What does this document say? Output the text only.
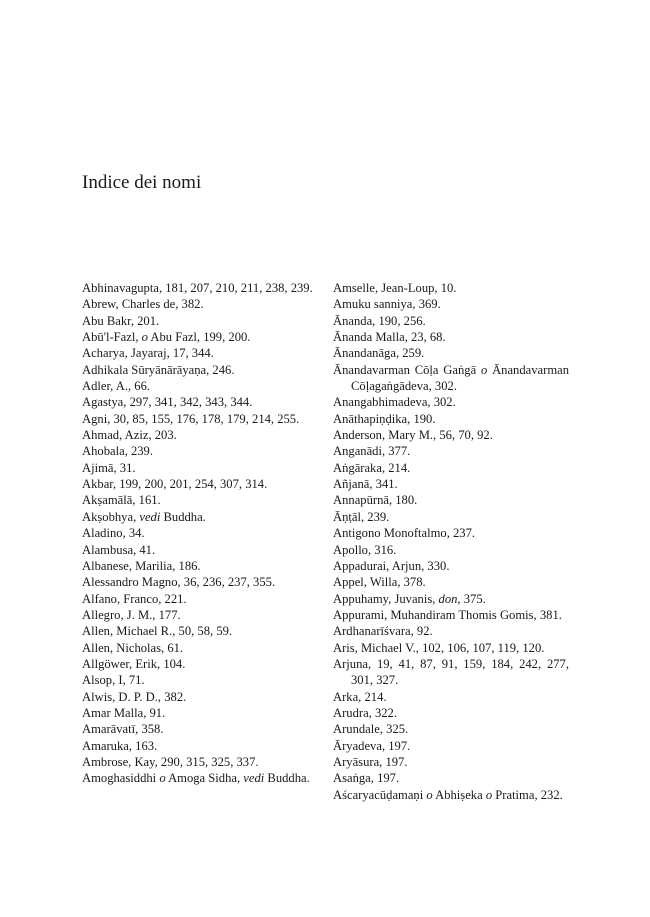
Indice dei nomi

Abhinavagupta, 181, 207, 210, 211, 238, 239.

Abrew, Charles de, 382.

Abu Bakr, 201.

Abū'l-Fazl, o Abu Fazl, 199, 200.

Acharya, Jayaraj, 17, 344.

Adhikala Sūryānārāyaṇa, 246.

Adler, A., 66.

Agastya, 297, 341, 342, 343, 344.

Agni, 30, 85, 155, 176, 178, 179, 214, 255.

Ahmad, Aziz, 203.

Ahobala, 239.

Ajimā, 31.

Akbar, 199, 200, 201, 254, 307, 314.

Akṣamālā, 161.

Akṣobhya, vedi Buddha.

Aladino, 34.

Alambusa, 41.

Albanese, Marilia, 186.

Alessandro Magno, 36, 236, 237, 355.

Alfano, Franco, 221.

Allegro, J. M., 177.

Allen, Michael R., 50, 58, 59.

Allen, Nicholas, 61.

Allgöwer, Erik, 104.

Alsop, I, 71.

Alwis, D. P. D., 382.

Amar Malla, 91.

Amarāvatī, 358.

Amaruka, 163.

Ambrose, Kay, 290, 315, 325, 337.

Amoghasiddhi o Amoga Sidha, vedi Buddha.

Amselle, Jean-Loup, 10.

Amuku sanniya, 369.

Ānanda, 190, 256.

Ānanda Malla, 23, 68.

Ānandanāga, 259.

Ānandavarman Cōḷa Gaṅgā o Ānandavarman Cōḷagaṅgādeva, 302.

Anangabhimadeva, 302.

Anāthapiṇḍika, 190.

Anderson, Mary M., 56, 70, 92.

Anganādi, 377.

Aṅgāraka, 214.

Añjanā, 341.

Annapūrnā, 180.

Āṇṭāl, 239.

Antigono Monoftalmo, 237.

Apollo, 316.

Appadurai, Arjun, 330.

Appel, Willa, 378.

Appuhamy, Juvanis, don, 375.

Appurami, Muhandiram Thomis Gomis, 381.

Ardhanarīśvara, 92.

Aris, Michael V., 102, 106, 107, 119, 120.

Arjuna, 19, 41, 87, 91, 159, 184, 242, 277, 301, 327.

Arka, 214.

Arudra, 322.

Arundale, 325.

Āryadeva, 197.

Aryāsura, 197.

Asaṅga, 197.

Aścaryacūḍamaṇi o Abhiṣeka o Pratima, 232.
